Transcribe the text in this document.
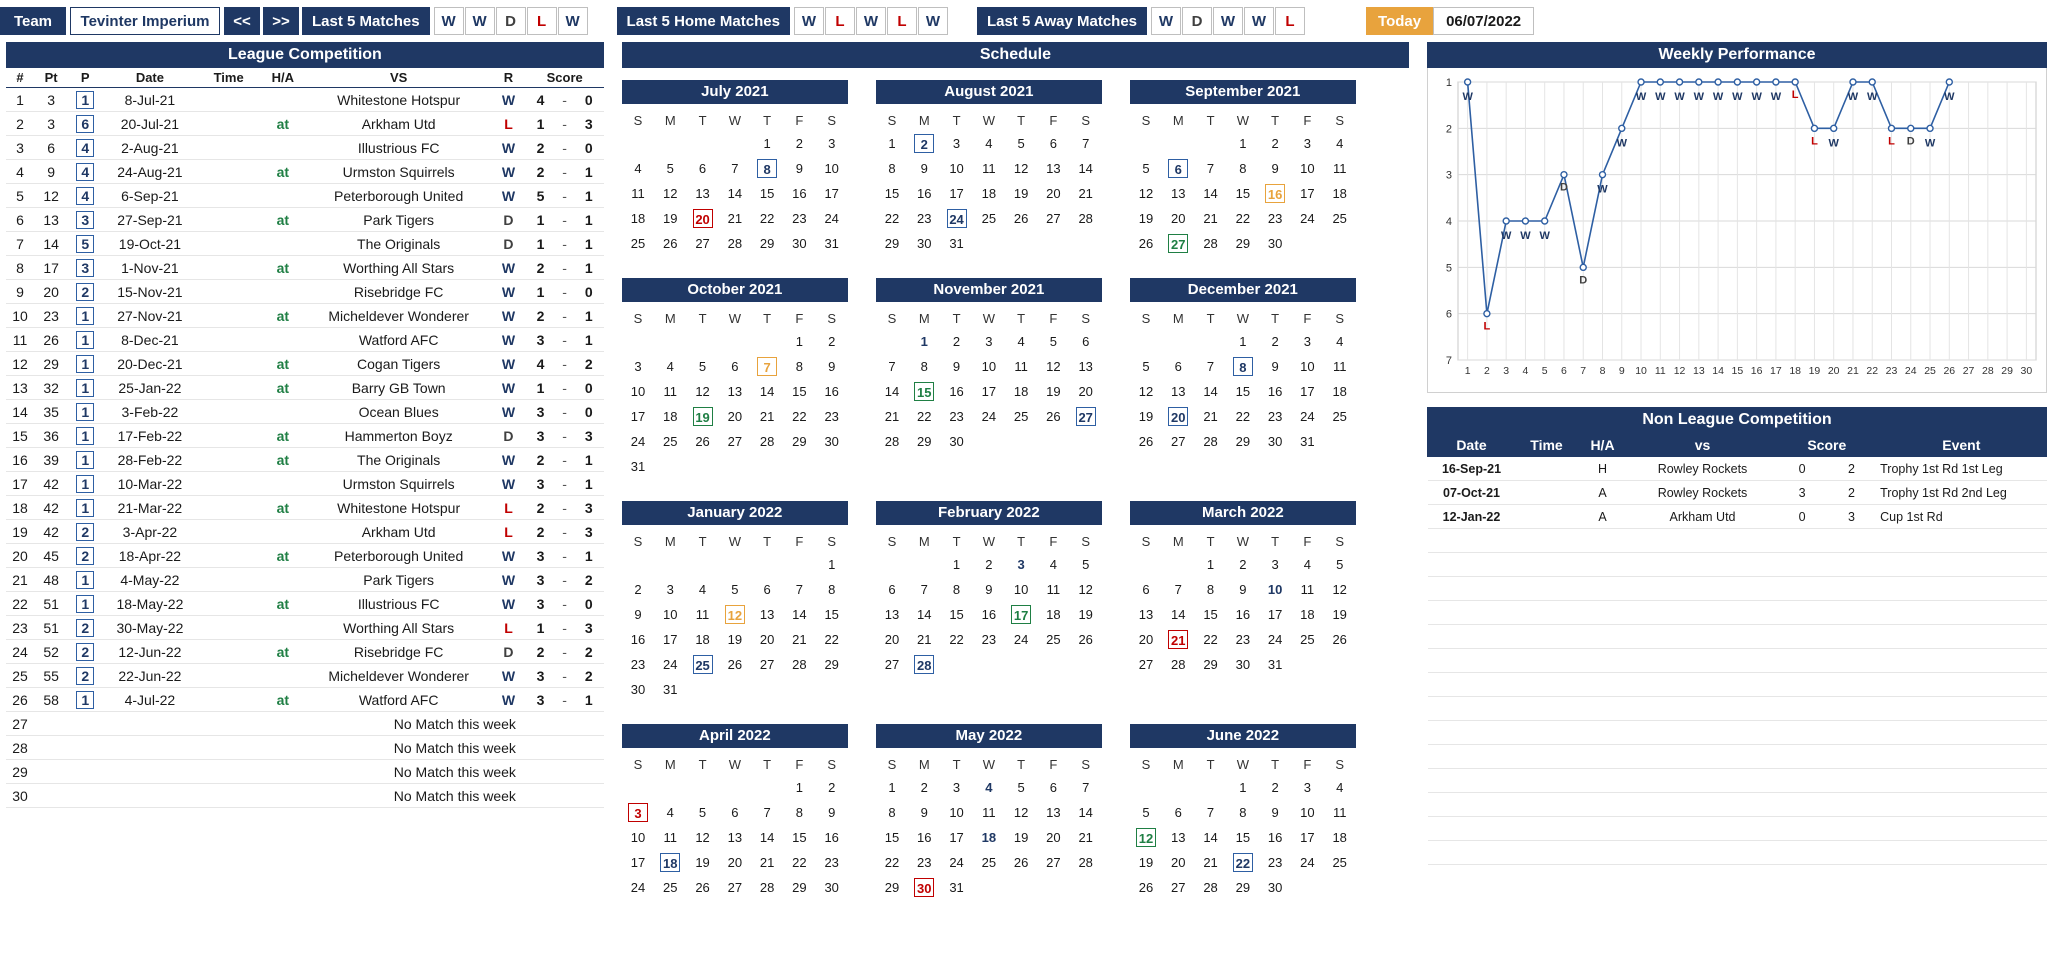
Team	Tevinter Imperium	<<	>>	Last 5 Matches	W	W	D	L	W	Last 5 Home Matches	W	L	W	L	W	Last 5 Away Matches	W	D	W	W	L	Today	06/07/2022
League Competition
#	Pt	P	Date	Time	H/A	VS	R	Score		
1	3	1	8-Jul-21			Whitestone Hotspur	W	4	-	0
2	3	6	20-Jul-21		at	Arkham Utd	L	1	-	3
3	6	4	2-Aug-21			Illustrious FC	W	2	-	0
4	9	4	24-Aug-21		at	Urmston Squirrels	W	2	-	1
5	12	4	6-Sep-21			Peterborough United	W	5	-	1
6	13	3	27-Sep-21		at	Park Tigers	D	1	-	1
7	14	5	19-Oct-21			The Originals	D	1	-	1
8	17	3	1-Nov-21		at	Worthing All Stars	W	2	-	1
9	20	2	15-Nov-21			Risebridge FC	W	1	-	0
10	23	1	27-Nov-21		at	Micheldever Wonderer	W	2	-	1
11	26	1	8-Dec-21			Watford AFC	W	3	-	1
12	29	1	20-Dec-21		at	Cogan Tigers	W	4	-	2
13	32	1	25-Jan-22		at	Barry GB Town	W	1	-	0
14	35	1	3-Feb-22			Ocean Blues	W	3	-	0
15	36	1	17-Feb-22		at	Hammerton Boyz	D	3	-	3
16	39	1	28-Feb-22		at	The Originals	W	2	-	1
17	42	1	10-Mar-22			Urmston Squirrels	W	3	-	1
18	42	1	21-Mar-22		at	Whitestone Hotspur	L	2	-	3
19	42	2	3-Apr-22			Arkham Utd	L	2	-	3
20	45	2	18-Apr-22		at	Peterborough United	W	3	-	1
21	48	1	4-May-22			Park Tigers	W	3	-	2
22	51	1	18-May-22		at	Illustrious FC	W	3	-	0
23	51	2	30-May-22			Worthing All Stars	L	1	-	3
24	52	2	12-Jun-22		at	Risebridge FC	D	2	-	2
25	55	2	22-Jun-22			Micheldever Wonderer	W	3	-	2
26	58	1	4-Jul-22		at	Watford AFC	W	3	-	1
27						No Match this week				
28						No Match this week				
29						No Match this week				
30						No Match this week				
Schedule
July 2021
S	M	T	W	T	F	S
				1	2	3
4	5	6	7	8	9	10
11	12	13	14	15	16	17
18	19	20	21	22	23	24
25	26	27	28	29	30	31
August 2021
S	M	T	W	T	F	S
1	2	3	4	5	6	7
8	9	10	11	12	13	14
15	16	17	18	19	20	21
22	23	24	25	26	27	28
29	30	31				
September 2021
S	M	T	W	T	F	S
			1	2	3	4
5	6	7	8	9	10	11
12	13	14	15	16	17	18
19	20	21	22	23	24	25
26	27	28	29	30		
October 2021
S	M	T	W	T	F	S
					1	2
3	4	5	6	7	8	9
10	11	12	13	14	15	16
17	18	19	20	21	22	23
24	25	26	27	28	29	30
31						
November 2021
S	M	T	W	T	F	S
	1	2	3	4	5	6
7	8	9	10	11	12	13
14	15	16	17	18	19	20
21	22	23	24	25	26	27
28	29	30				
December 2021
S	M	T	W	T	F	S
			1	2	3	4
5	6	7	8	9	10	11
12	13	14	15	16	17	18
19	20	21	22	23	24	25
26	27	28	29	30	31	
January 2022
S	M	T	W	T	F	S
						1
2	3	4	5	6	7	8
9	10	11	12	13	14	15
16	17	18	19	20	21	22
23	24	25	26	27	28	29
30	31					
February 2022
S	M	T	W	T	F	S
		1	2	3	4	5
6	7	8	9	10	11	12
13	14	15	16	17	18	19
20	21	22	23	24	25	26
27	28					
March 2022
S	M	T	W	T	F	S
		1	2	3	4	5
6	7	8	9	10	11	12
13	14	15	16	17	18	19
20	21	22	23	24	25	26
27	28	29	30	31		
April 2022
S	M	T	W	T	F	S
					1	2
3	4	5	6	7	8	9
10	11	12	13	14	15	16
17	18	19	20	21	22	23
24	25	26	27	28	29	30
May 2022
S	M	T	W	T	F	S
1	2	3	4	5	6	7
8	9	10	11	12	13	14
15	16	17	18	19	20	21
22	23	24	25	26	27	28
29	30	31				
June 2022
S	M	T	W	T	F	S
			1	2	3	4
5	6	7	8	9	10	11
12	13	14	15	16	17	18
19	20	21	22	23	24	25
26	27	28	29	30		
Weekly Performance
1
2
3
4
5
6
7
1 2 3 4 5 6 7 8 9 10 11 12 13 14 15 16 17 18 19 20 21 22 23 24 25 26 27 28 29 30
W
L
W W W
D
D
W
W
W W W W W W W W L
L W
W W
L D W
W
Non League Competition
Date	Time	H/A	vs	Score		Event
16-Sep-21		H	Rowley Rockets	0	2	Trophy 1st Rd 1st Leg
07-Oct-21		A	Rowley Rockets	3	2	Trophy 1st Rd 2nd Leg
12-Jan-22		A	Arkham Utd	0	3	Cup 1st Rd
